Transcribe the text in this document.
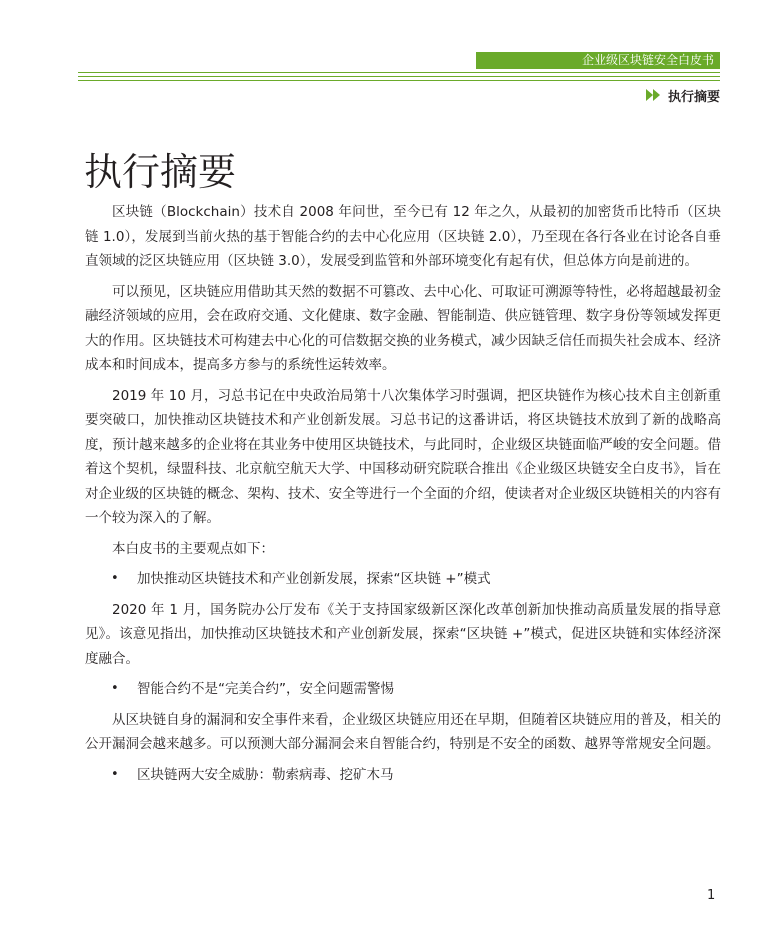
企业级区块链安全白皮书
执行摘要
执行摘要

区块链（Blockchain）技术自 2008 年问世，至今已有 12 年之久，从最初的加密货币比特币（区块链 1.0），发展到当前火热的基于智能合约的去中心化应用（区块链 2.0），乃至现在各行各业在讨论各自垂直领域的泛区块链应用（区块链 3.0），发展受到监管和外部环境变化有起有伏，但总体方向是前进的。

可以预见，区块链应用借助其天然的数据不可篡改、去中心化、可取证可溯源等特性，必将超越最初金融经济领域的应用，会在政府交通、文化健康、数字金融、智能制造、供应链管理、数字身份等领域发挥更大的作用。区块链技术可构建去中心化的可信数据交换的业务模式，减少因缺乏信任而损失社会成本、经济成本和时间成本，提高多方参与的系统性运转效率。

2019 年 10 月，习总书记在中央政治局第十八次集体学习时强调，把区块链作为核心技术自主创新重要突破口，加快推动区块链技术和产业创新发展。习总书记的这番讲话，将区块链技术放到了新的战略高度，预计越来越多的企业将在其业务中使用区块链技术，与此同时，企业级区块链面临严峻的安全问题。借着这个契机，绿盟科技、北京航空航天大学、中国移动研究院联合推出《企业级区块链安全白皮书》，旨在对企业级的区块链的概念、架构、技术、安全等进行一个全面的介绍，使读者对企业级区块链相关的内容有一个较为深入的了解。

本白皮书的主要观点如下：

•	加快推动区块链技术和产业创新发展，探索“区块链 +”模式

2020 年 1 月，国务院办公厅发布《关于支持国家级新区深化改革创新加快推动高质量发展的指导意见》。该意见指出，加快推动区块链技术和产业创新发展，探索“区块链 +”模式，促进区块链和实体经济深度融合。

•	智能合约不是“完美合约”，安全问题需警惕

从区块链自身的漏洞和安全事件来看，企业级区块链应用还在早期，但随着区块链应用的普及，相关的公开漏洞会越来越多。可以预测大部分漏洞会来自智能合约，特别是不安全的函数、越界等常规安全问题。

•	区块链两大安全威胁：勒索病毒、挖矿木马
1
